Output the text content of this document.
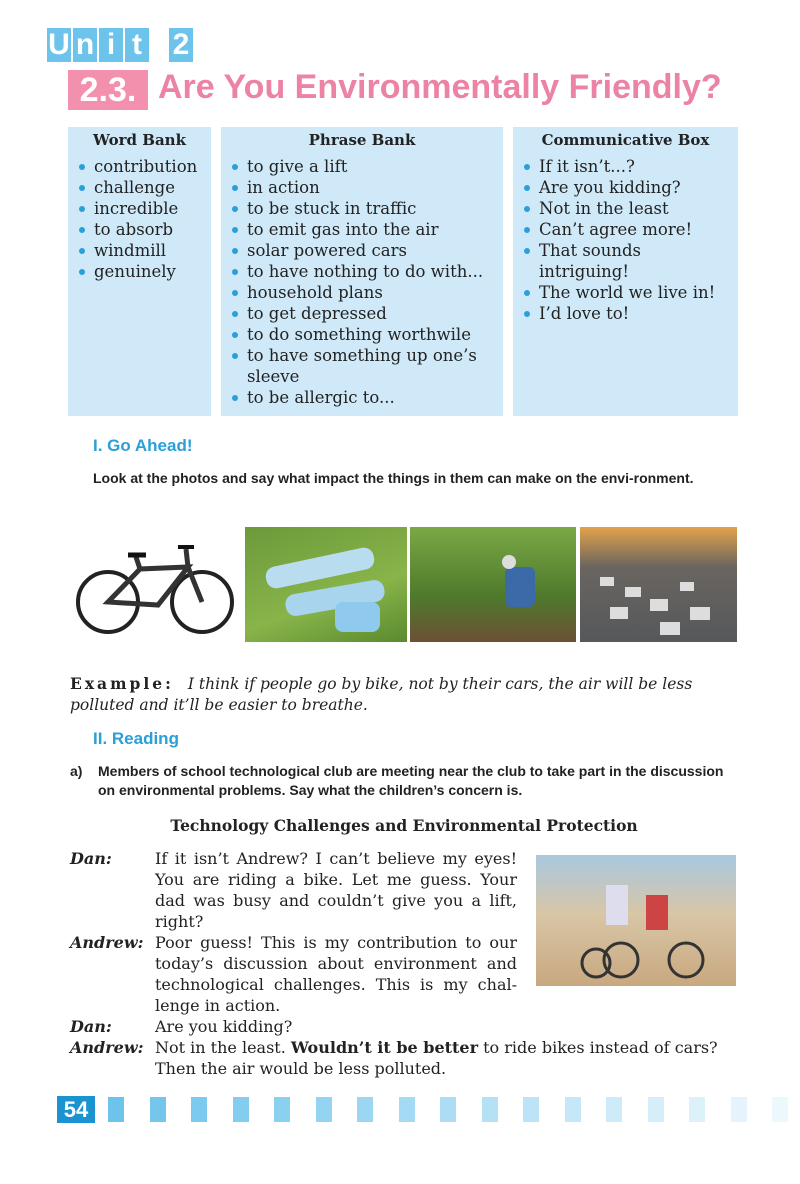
U n i t 2
2.3. Are You Environmentally Friendly?
Word Bank
contribution
challenge
incredible
to absorb
windmill
genuinely
Phrase Bank
to give a lift
in action
to be stuck in traffic
to emit gas into the air
solar powered cars
to have nothing to do with...
household plans
to get depressed
to do something worthwile
to have something up one’s sleeve
to be allergic to...
Communicative Box
If it isn’t...?
Are you kidding?
Not in the least
Can’t agree more!
That sounds intriguing!
The world we live in!
I’d love to!
I. Go Ahead!
Look at the photos and say what impact the things in them can make on the envi-ronment.
Example: I think if people go by bike, not by their cars, the air will be less polluted and it’ll be easier to breathe.
II. Reading
a)	Members of school technological club are meeting near the club to take part in the discussion on environmental problems. Say what the children’s concern is.
Technology Challenges and Environmental Protection
Dan:	If it isn’t Andrew? I can’t believe my eyes! You are riding a bike. Let me guess. Your dad was busy and couldn’t give you a lift, right?
Andrew: Poor guess! This is my contribution to our today’s discussion about environment and technological challenges. This is my chal-lenge in action.
Dan:	Are you kidding?
Andrew: Not in the least. Wouldn’t it be better to ride bikes instead of cars? Then the air would be less polluted.
54
